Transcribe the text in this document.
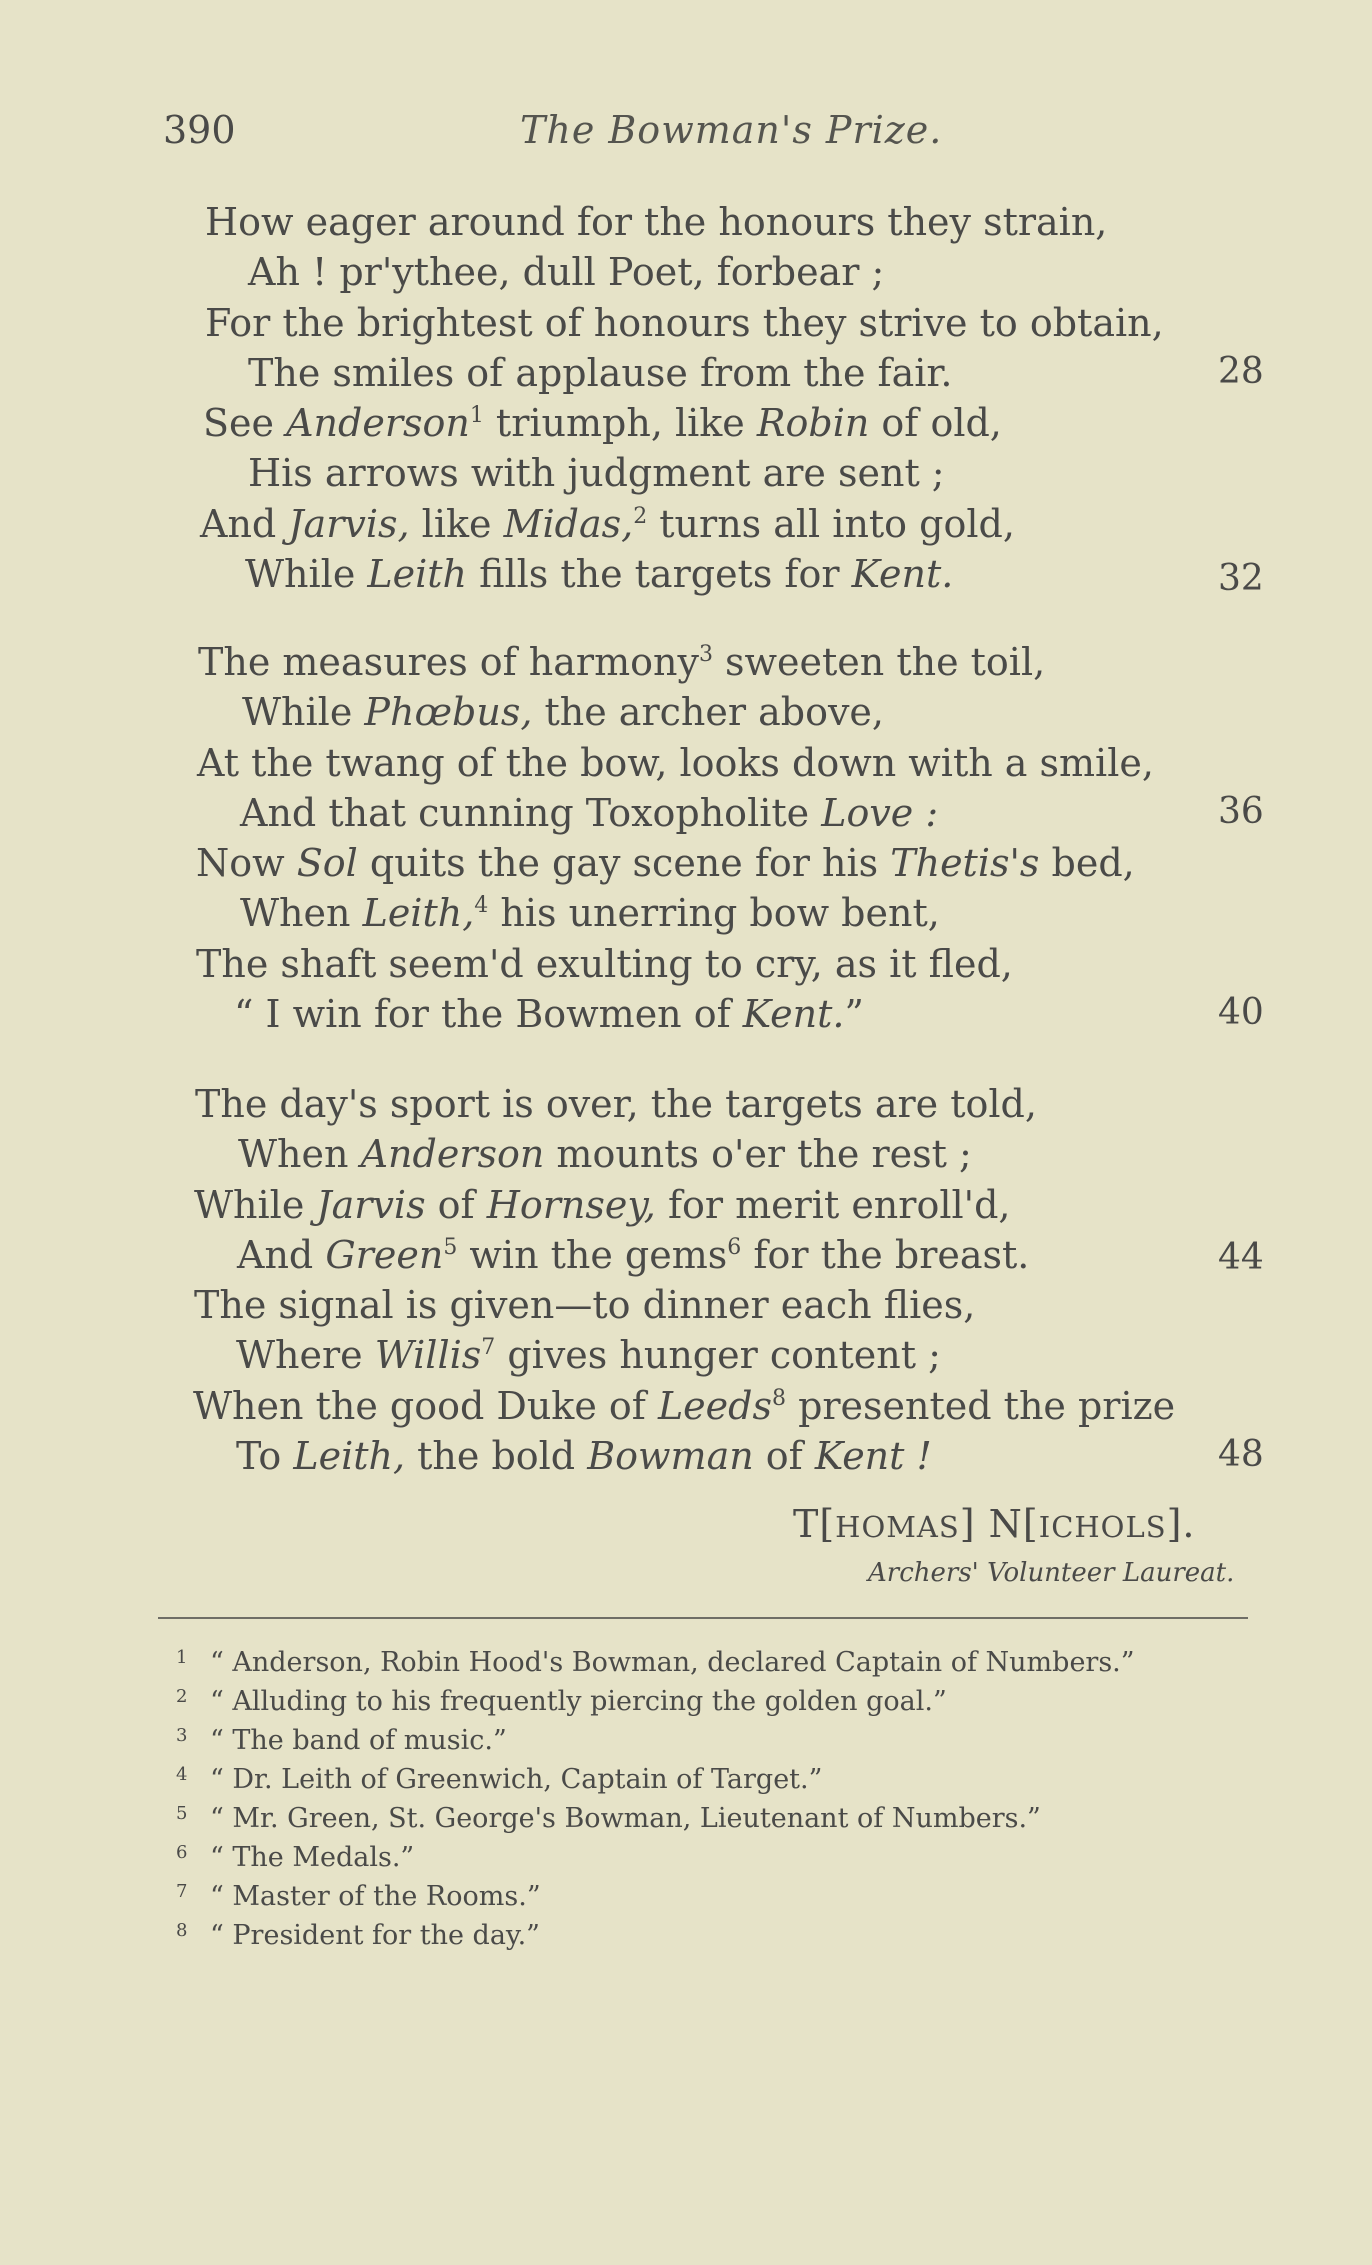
390	The Bowman's Prize.
How eager around for the honours they strain,
Ah ! pr'ythee, dull Poet, forbear ;
For the brightest of honours they strive to obtain,
The smiles of applause from the fair.	28
See Anderson$^1$ triumph, like Robin of old,
His arrows with judgment are sent ;
And Jarvis, like Midas,$^2$ turns all into gold,
While Leith fills the targets for Kent.	32
The measures of harmony$^3$ sweeten the toil,
While Phœbus, the archer above,
At the twang of the bow, looks down with a smile,
And that cunning Toxopholite Love :	36
Now Sol quits the gay scene for his Thetis's bed,
When Leith,$^4$ his unerring bow bent,
The shaft seem'd exulting to cry, as it fled,
“ I win for the Bowmen of Kent.”	40
The day's sport is over, the targets are told,
When Anderson mounts o'er the rest ;
While Jarvis of Hornsey, for merit enroll'd,
And Green$^5$ win the gems$^6$ for the breast.	44
The signal is given—to dinner each flies,
Where Willis$^7$ gives hunger content ;
When the good Duke of Leeds$^8$ presented the prize
To Leith, the bold Bowman of Kent !	48
T[HOMAS] N[ICHOLS].
Archers' Volunteer Laureat.
1 “ Anderson, Robin Hood's Bowman, declared Captain of Numbers.”
2 “ Alluding to his frequently piercing the golden goal.”
3 “ The band of music.”
4 “ Dr. Leith of Greenwich, Captain of Target.”
5 “ Mr. Green, St. George's Bowman, Lieutenant of Numbers.”
6 “ The Medals.”
7 “ Master of the Rooms.”
8 “ President for the day.”
